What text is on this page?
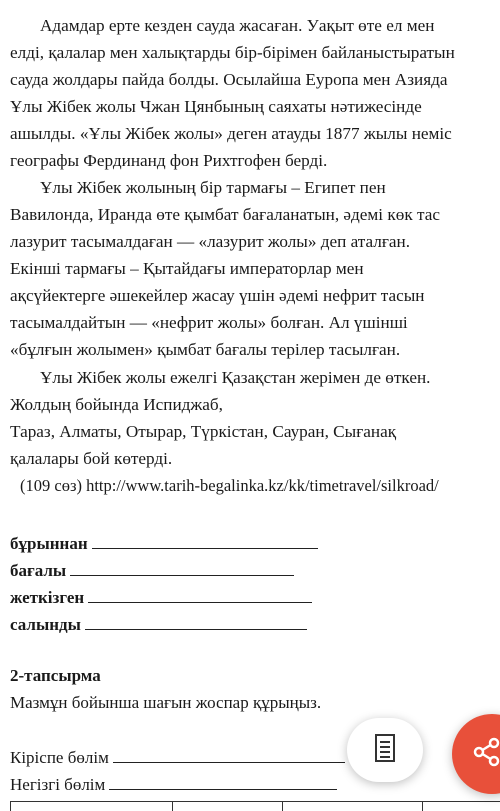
Адамдар ерте кезден сауда жасаған. Уақыт өте ел мен
елді, қалалар мен халықтарды бір-бірімен байланыстыратын
сауда жолдары пайда болды. Осылайша Еуропа мен Азияда
Ұлы Жібек жолы Чжан Цянбының саяхаты нәтижесінде
ашылды. «Ұлы Жібек жолы» деген атауды 1877 жылы неміс
географы Фердинанд фон Рихтгофен берді.
Ұлы Жібек жолының бір тармағы – Египет пен
Вавилонда, Иранда өте қымбат бағаланатын, әдемі көк тас
лазурит тасымалдаған — «лазурит жолы» деп аталған.
Екінші тармағы – Қытайдағы императорлар мен
ақсүйектерге әшекейлер жасау үшін әдемі нефрит тасын
тасымалдайтын — «нефрит жолы» болған. Ал үшінші
«бұлғын жолымен» қымбат бағалы терілер тасылған.
Ұлы Жібек жолы ежелгі Қазақстан жерімен де өткен.
Жолдың бойында Испиджаб,
Тараз, Алматы, Отырар, Түркістан, Сауран, Сығанақ
қалалары бой көтерді.
(109 сөз) http://www.tarih-begalinka.kz/kk/timetravel/silkroad/
бұрыннан
бағалы
жеткізген
салынды
2-тапсырма
Мазмұн бойынша шағын жоспар құрыңыз.
Кіріспе бөлім
Негізгі бөлім
